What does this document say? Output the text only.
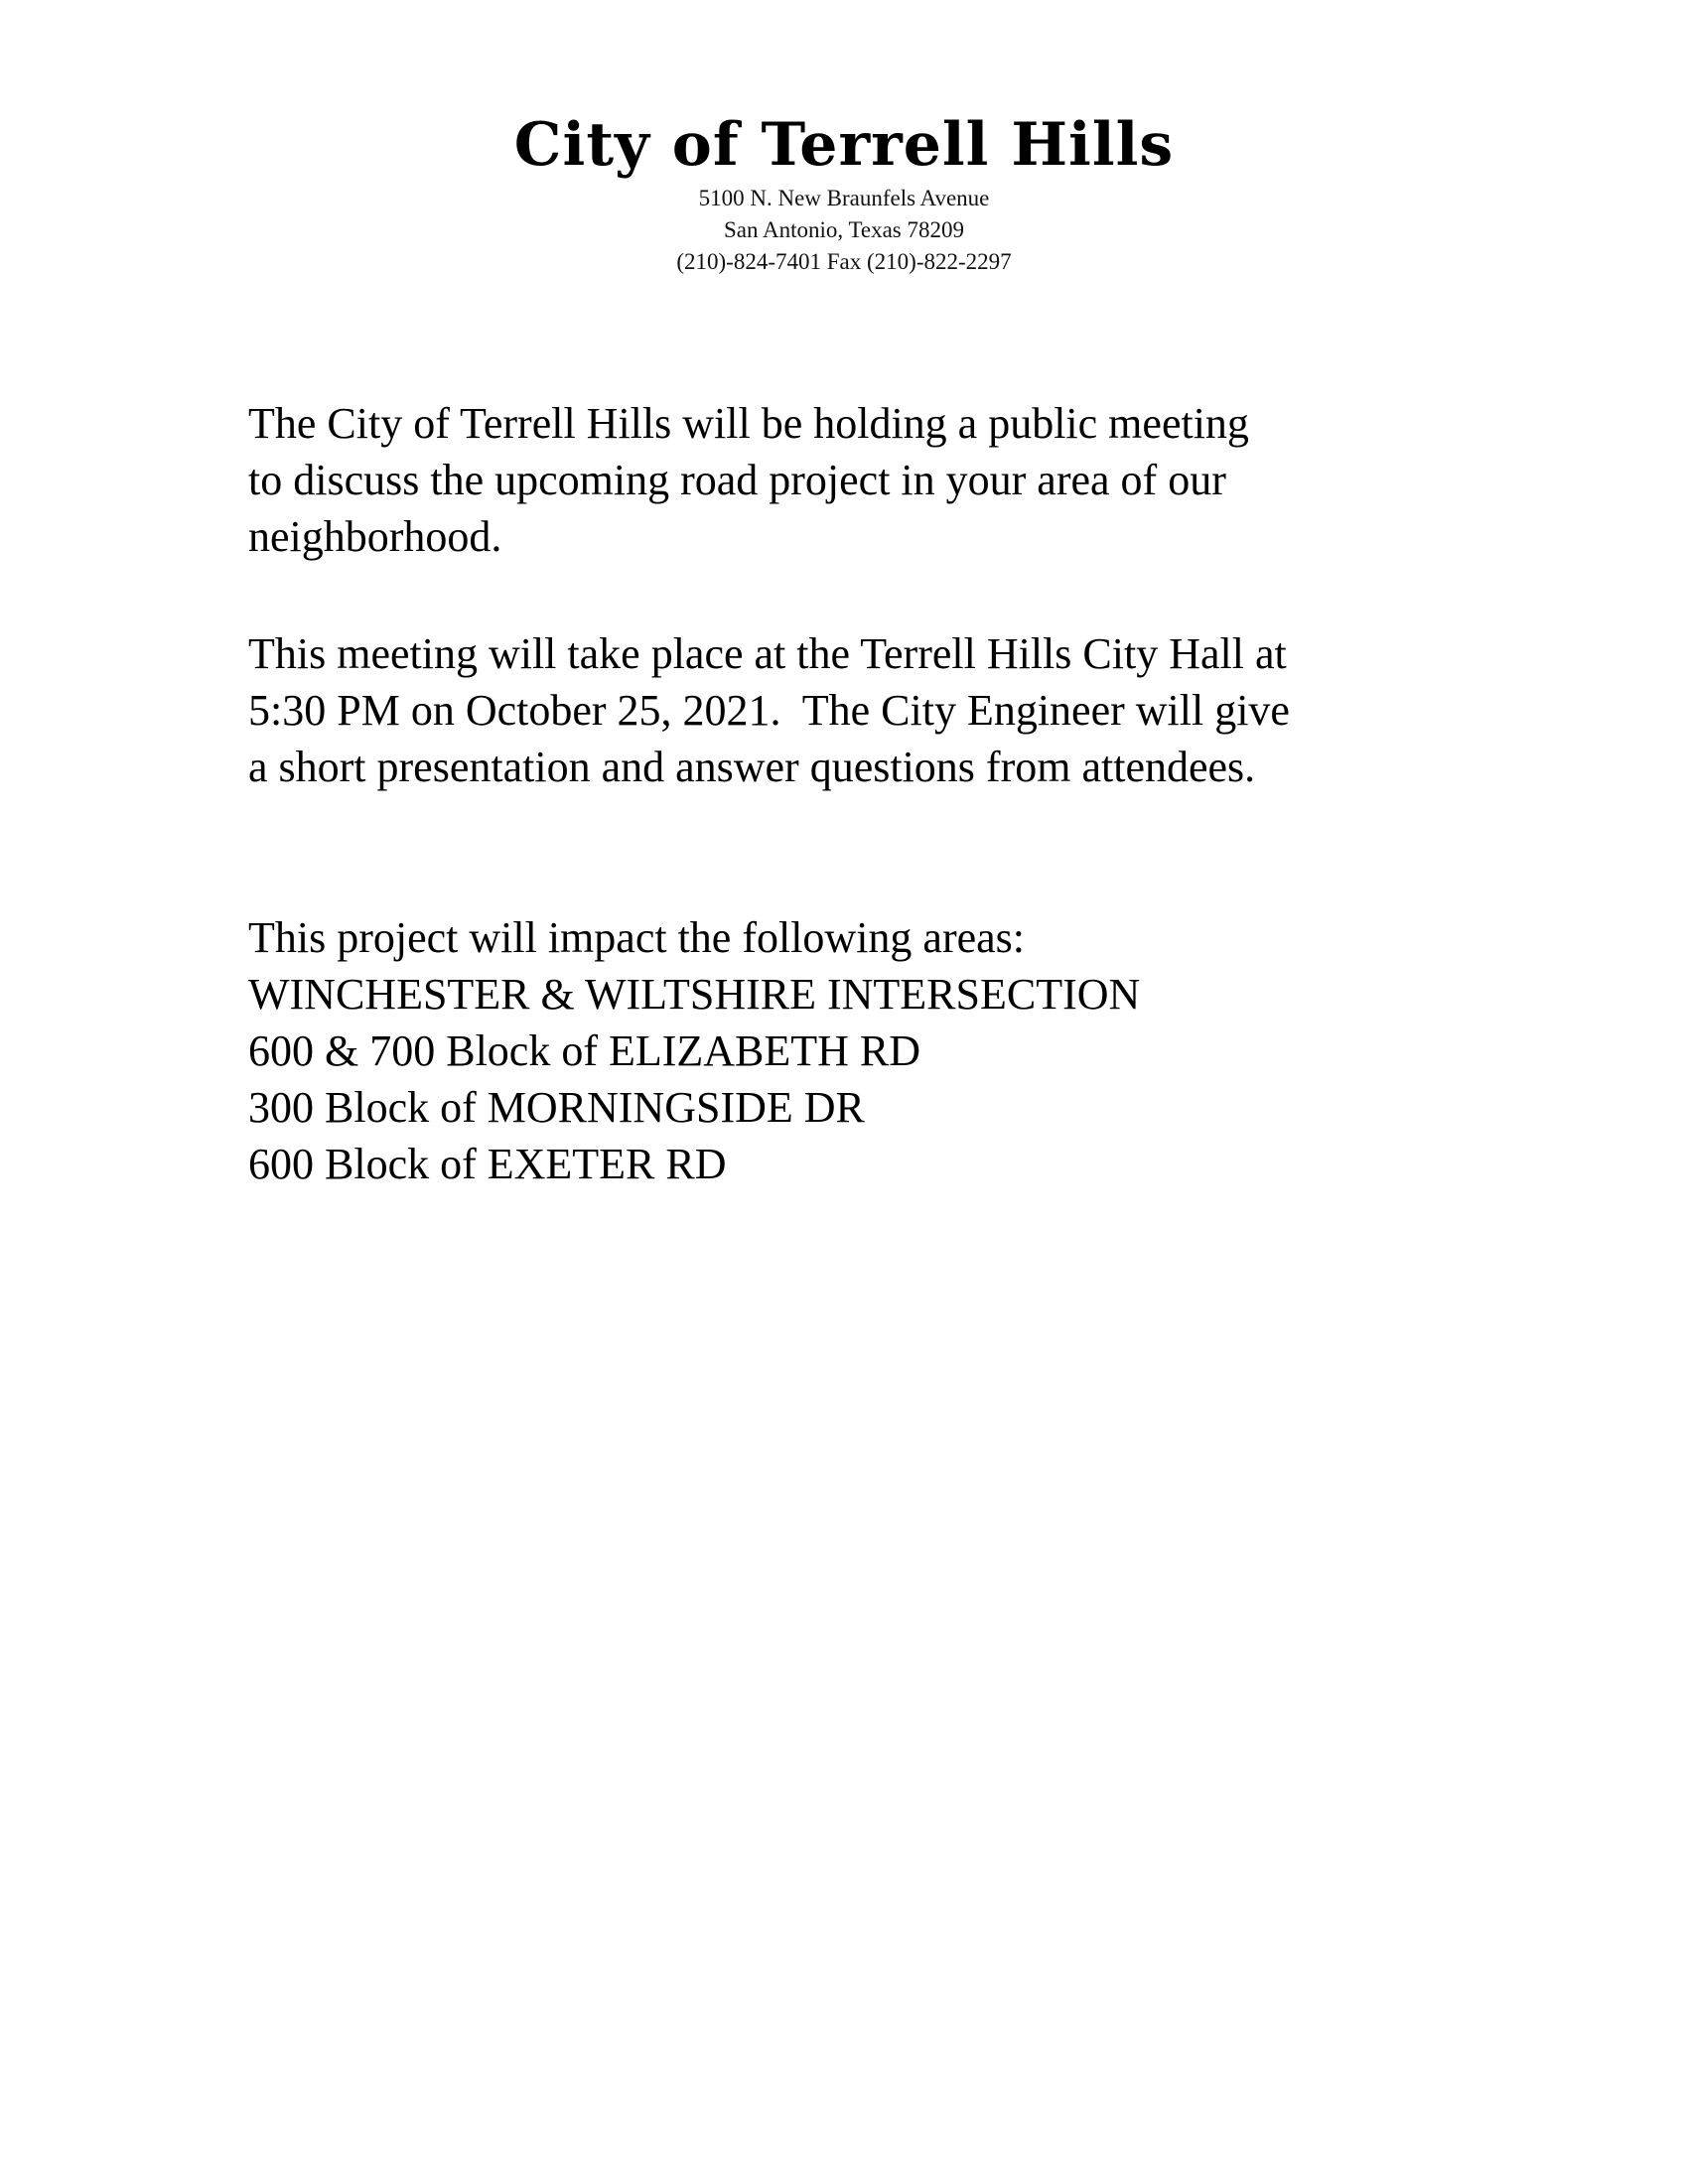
City of Terrell Hills
5100 N. New Braunfels Avenue
San Antonio, Texas 78209
(210)-824-7401 Fax (210)-822-2297
The City of Terrell Hills will be holding a public meeting
to discuss the upcoming road project in your area of our
neighborhood.
This meeting will take place at the Terrell Hills City Hall at
5:30 PM on October 25, 2021.  The City Engineer will give
a short presentation and answer questions from attendees.
This project will impact the following areas:
WINCHESTER & WILTSHIRE INTERSECTION
600 & 700 Block of ELIZABETH RD
300 Block of MORNINGSIDE DR
600 Block of EXETER RD
